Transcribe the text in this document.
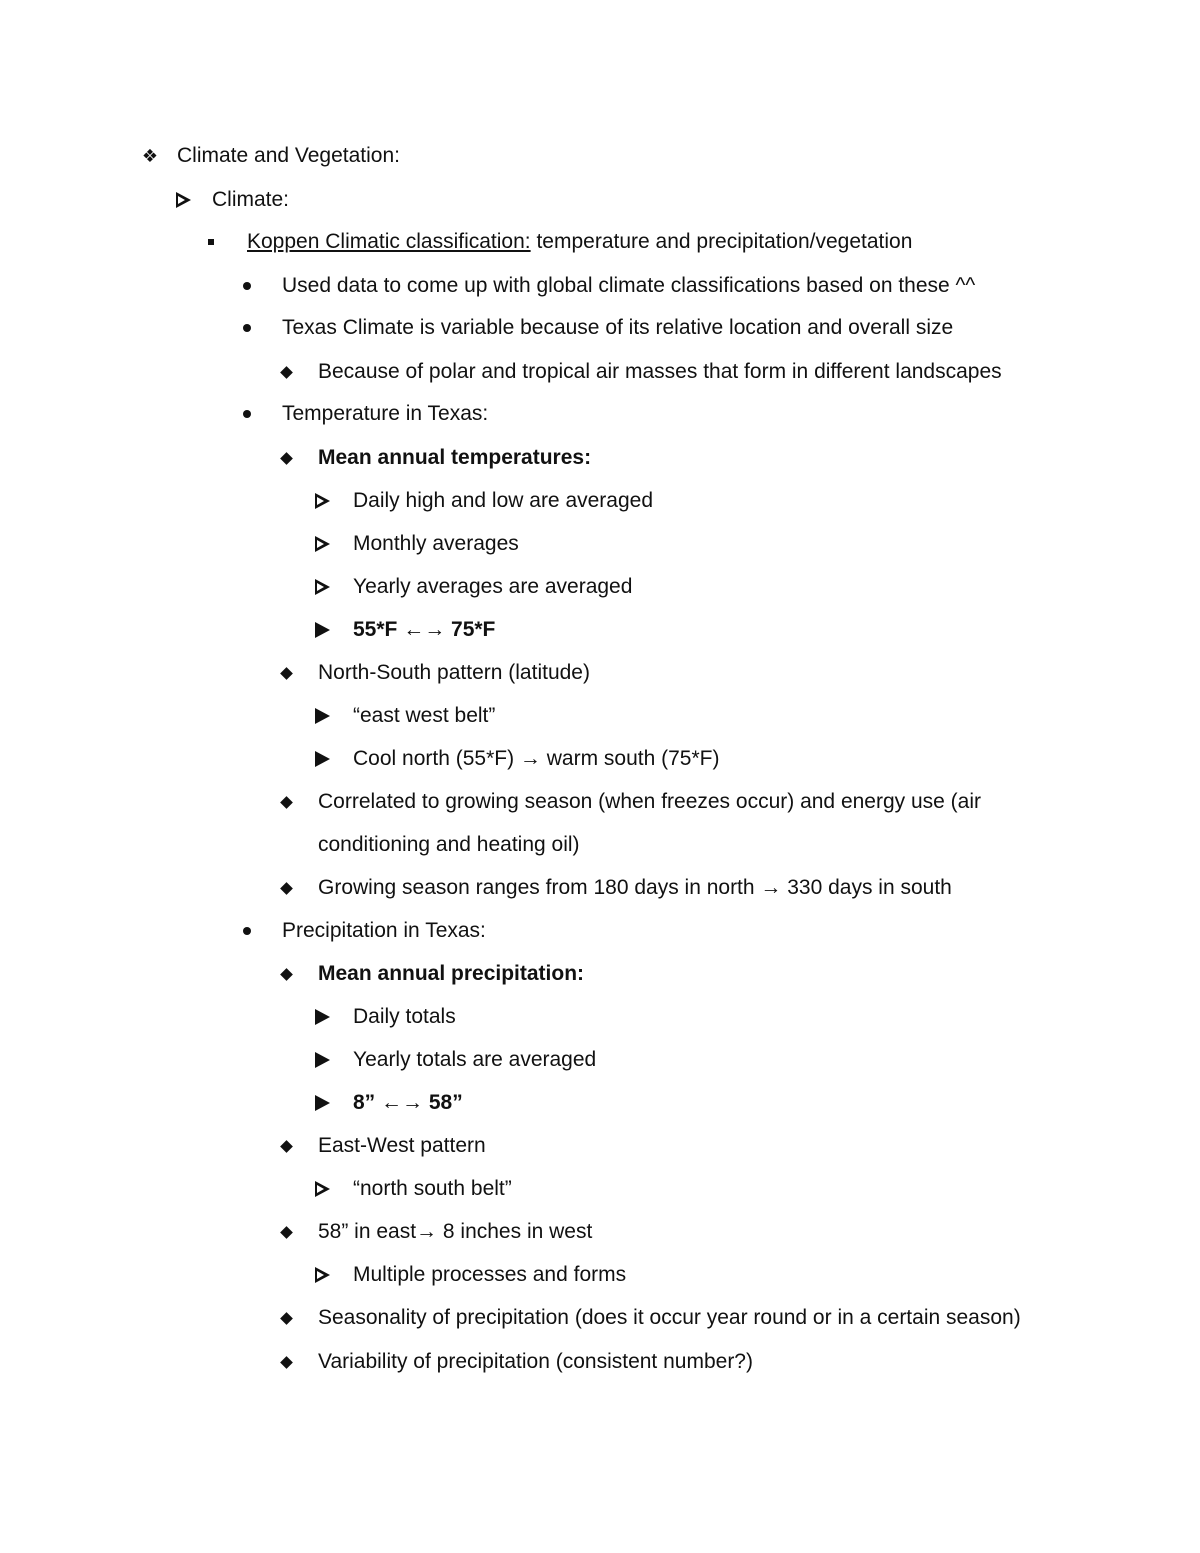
❖ Climate and Vegetation:
Climate:
Koppen Climatic classification: temperature and precipitation/vegetation
Used data to come up with global climate classifications based on these ^^
Texas Climate is variable because of its relative location and overall size
Because of polar and tropical air masses that form in different landscapes
Temperature in Texas:
Mean annual temperatures:
Daily high and low are averaged
Monthly averages
Yearly averages are averaged
55*F ←→ 75*F
North-South pattern (latitude)
“east west belt”
Cool north (55*F) → warm south (75*F)
Correlated to growing season (when freezes occur) and energy use (air
conditioning and heating oil)
Growing season ranges from 180 days in north → 330 days in south
Precipitation in Texas:
Mean annual precipitation:
Daily totals
Yearly totals are averaged
8” ←→ 58”
East-West pattern
“north south belt”
58” in east→ 8 inches in west
Multiple processes and forms
Seasonality of precipitation (does it occur year round or in a certain season)
Variability of precipitation (consistent number?)
